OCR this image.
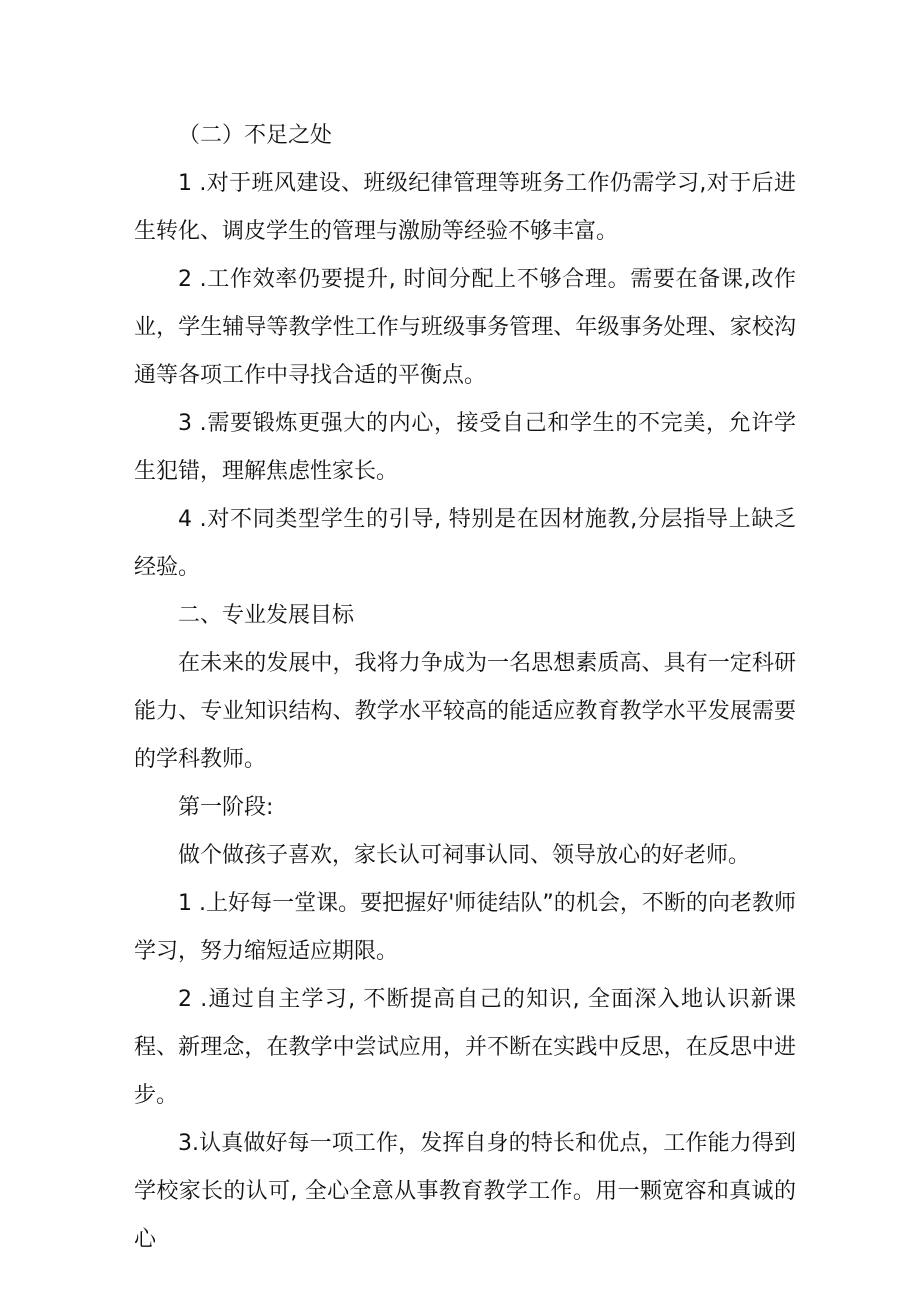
（二）不足之处

1 .对于班风建设、班级纪律管理等班务工作仍需学习,对于后进生转化、调皮学生的管理与激励等经验不够丰富。

2 .工作效率仍要提升, 时间分配上不够合理。需要在备课,改作业，学生辅导等教学性工作与班级事务管理、年级事务处理、家校沟通等各项工作中寻找合适的平衡点。

3 .需要锻炼更强大的内心，接受自己和学生的不完美，允许学生犯错，理解焦虑性家长。

4 .对不同类型学生的引导, 特别是在因材施教,分层指导上缺乏经验。

二、专业发展目标

在未来的发展中，我将力争成为一名思想素质高、具有一定科研能力、专业知识结构、教学水平较高的能适应教育教学水平发展需要的学科教师。

第一阶段:

做个做孩子喜欢，家长认可祠事认同、领导放心的好老师。

1 .上好每一堂课。要把握好'师徒结队”的机会，不断的向老教师学习，努力缩短适应期限。

2 .通过自主学习, 不断提高自己的知识, 全面深入地认识新课程、新理念，在教学中尝试应用，并不断在实践中反思，在反思中进步。

3.认真做好每一项工作，发挥自身的特长和优点，工作能力得到学校家长的认可, 全心全意从事教育教学工作。用一颗宽容和真诚的心
